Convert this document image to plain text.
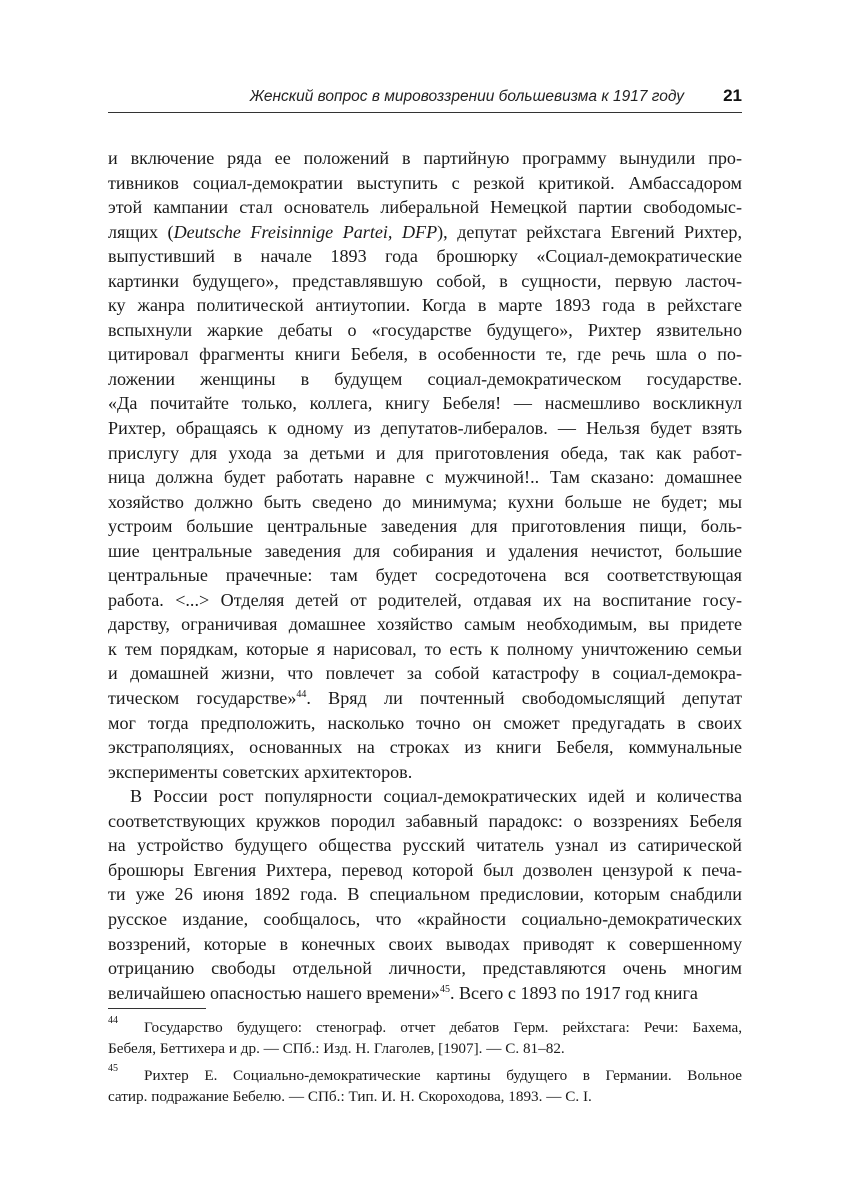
Женский вопрос в мировоззрении большевизма к 1917 году 21
и включение ряда ее положений в партийную программу вынудили про-
тивников социал-демократии выступить с резкой критикой. Амбассадором
этой кампании стал основатель либеральной Немецкой партии свободомыс-
лящих (Deutsche Freisinnige Partei, DFP), депутат рейхстага Евгений Рихтер,
выпустивший в начале 1893 года брошюрку «Социал-демократические
картинки будущего», представлявшую собой, в сущности, первую ласточ-
ку жанра политической антиутопии. Когда в марте 1893 года в рейхстаге
вспыхнули жаркие дебаты о «государстве будущего», Рихтер язвительно
цитировал фрагменты книги Бебеля, в особенности те, где речь шла о по-
ложении женщины в будущем социал-демократическом государстве.
«Да почитайте только, коллега, книгу Бебеля! — насмешливо воскликнул
Рихтер, обращаясь к одному из депутатов-либералов. — Нельзя будет взять
прислугу для ухода за детьми и для приготовления обеда, так как работ-
ница должна будет работать наравне с мужчиной!.. Там сказано: домашнее
хозяйство должно быть сведено до минимума; кухни больше не будет; мы
устроим большие центральные заведения для приготовления пищи, боль-
шие центральные заведения для собирания и удаления нечистот, большие
центральные прачечные: там будет сосредоточена вся соответствующая
работа. <...> Отделяя детей от родителей, отдавая их на воспитание госу-
дарству, ограничивая домашнее хозяйство самым необходимым, вы придете
к тем порядкам, которые я нарисовал, то есть к полному уничтожению семьи
и домашней жизни, что повлечет за собой катастрофу в социал-демокра-
тическом государстве»$^{44}$. Вряд ли почтенный свободомыслящий депутат
мог тогда предположить, насколько точно он сможет предугадать в своих
экстраполяциях, основанных на строках из книги Бебеля, коммунальные
эксперименты советских архитекторов.
В России рост популярности социал-демократических идей и количества
соответствующих кружков породил забавный парадокс: о воззрениях Бебеля
на устройство будущего общества русский читатель узнал из сатирической
брошюры Евгения Рихтера, перевод которой был дозволен цензурой к печа-
ти уже 26 июня 1892 года. В специальном предисловии, которым снабдили
русское издание, сообщалось, что «крайности социально-демократических
воззрений, которые в конечных своих выводах приводят к совершенному
отрицанию свободы отдельной личности, представляются очень многим
величайшею опасностью нашего времени»$^{45}$. Всего с 1893 по 1917 год книга
44	Государство будущего: стенограф. отчет дебатов Герм. рейхстага: Речи: Бахема,
Бебеля, Беттихера и др. — СПб.: Изд. Н. Глаголев, [1907]. — С. 81–82.
45	Рихтер Е. Социально-демократические картины будущего в Германии. Вольное
сатир. подражание Бебелю. — СПб.: Тип. И. Н. Скороходова, 1893. — С. I.
